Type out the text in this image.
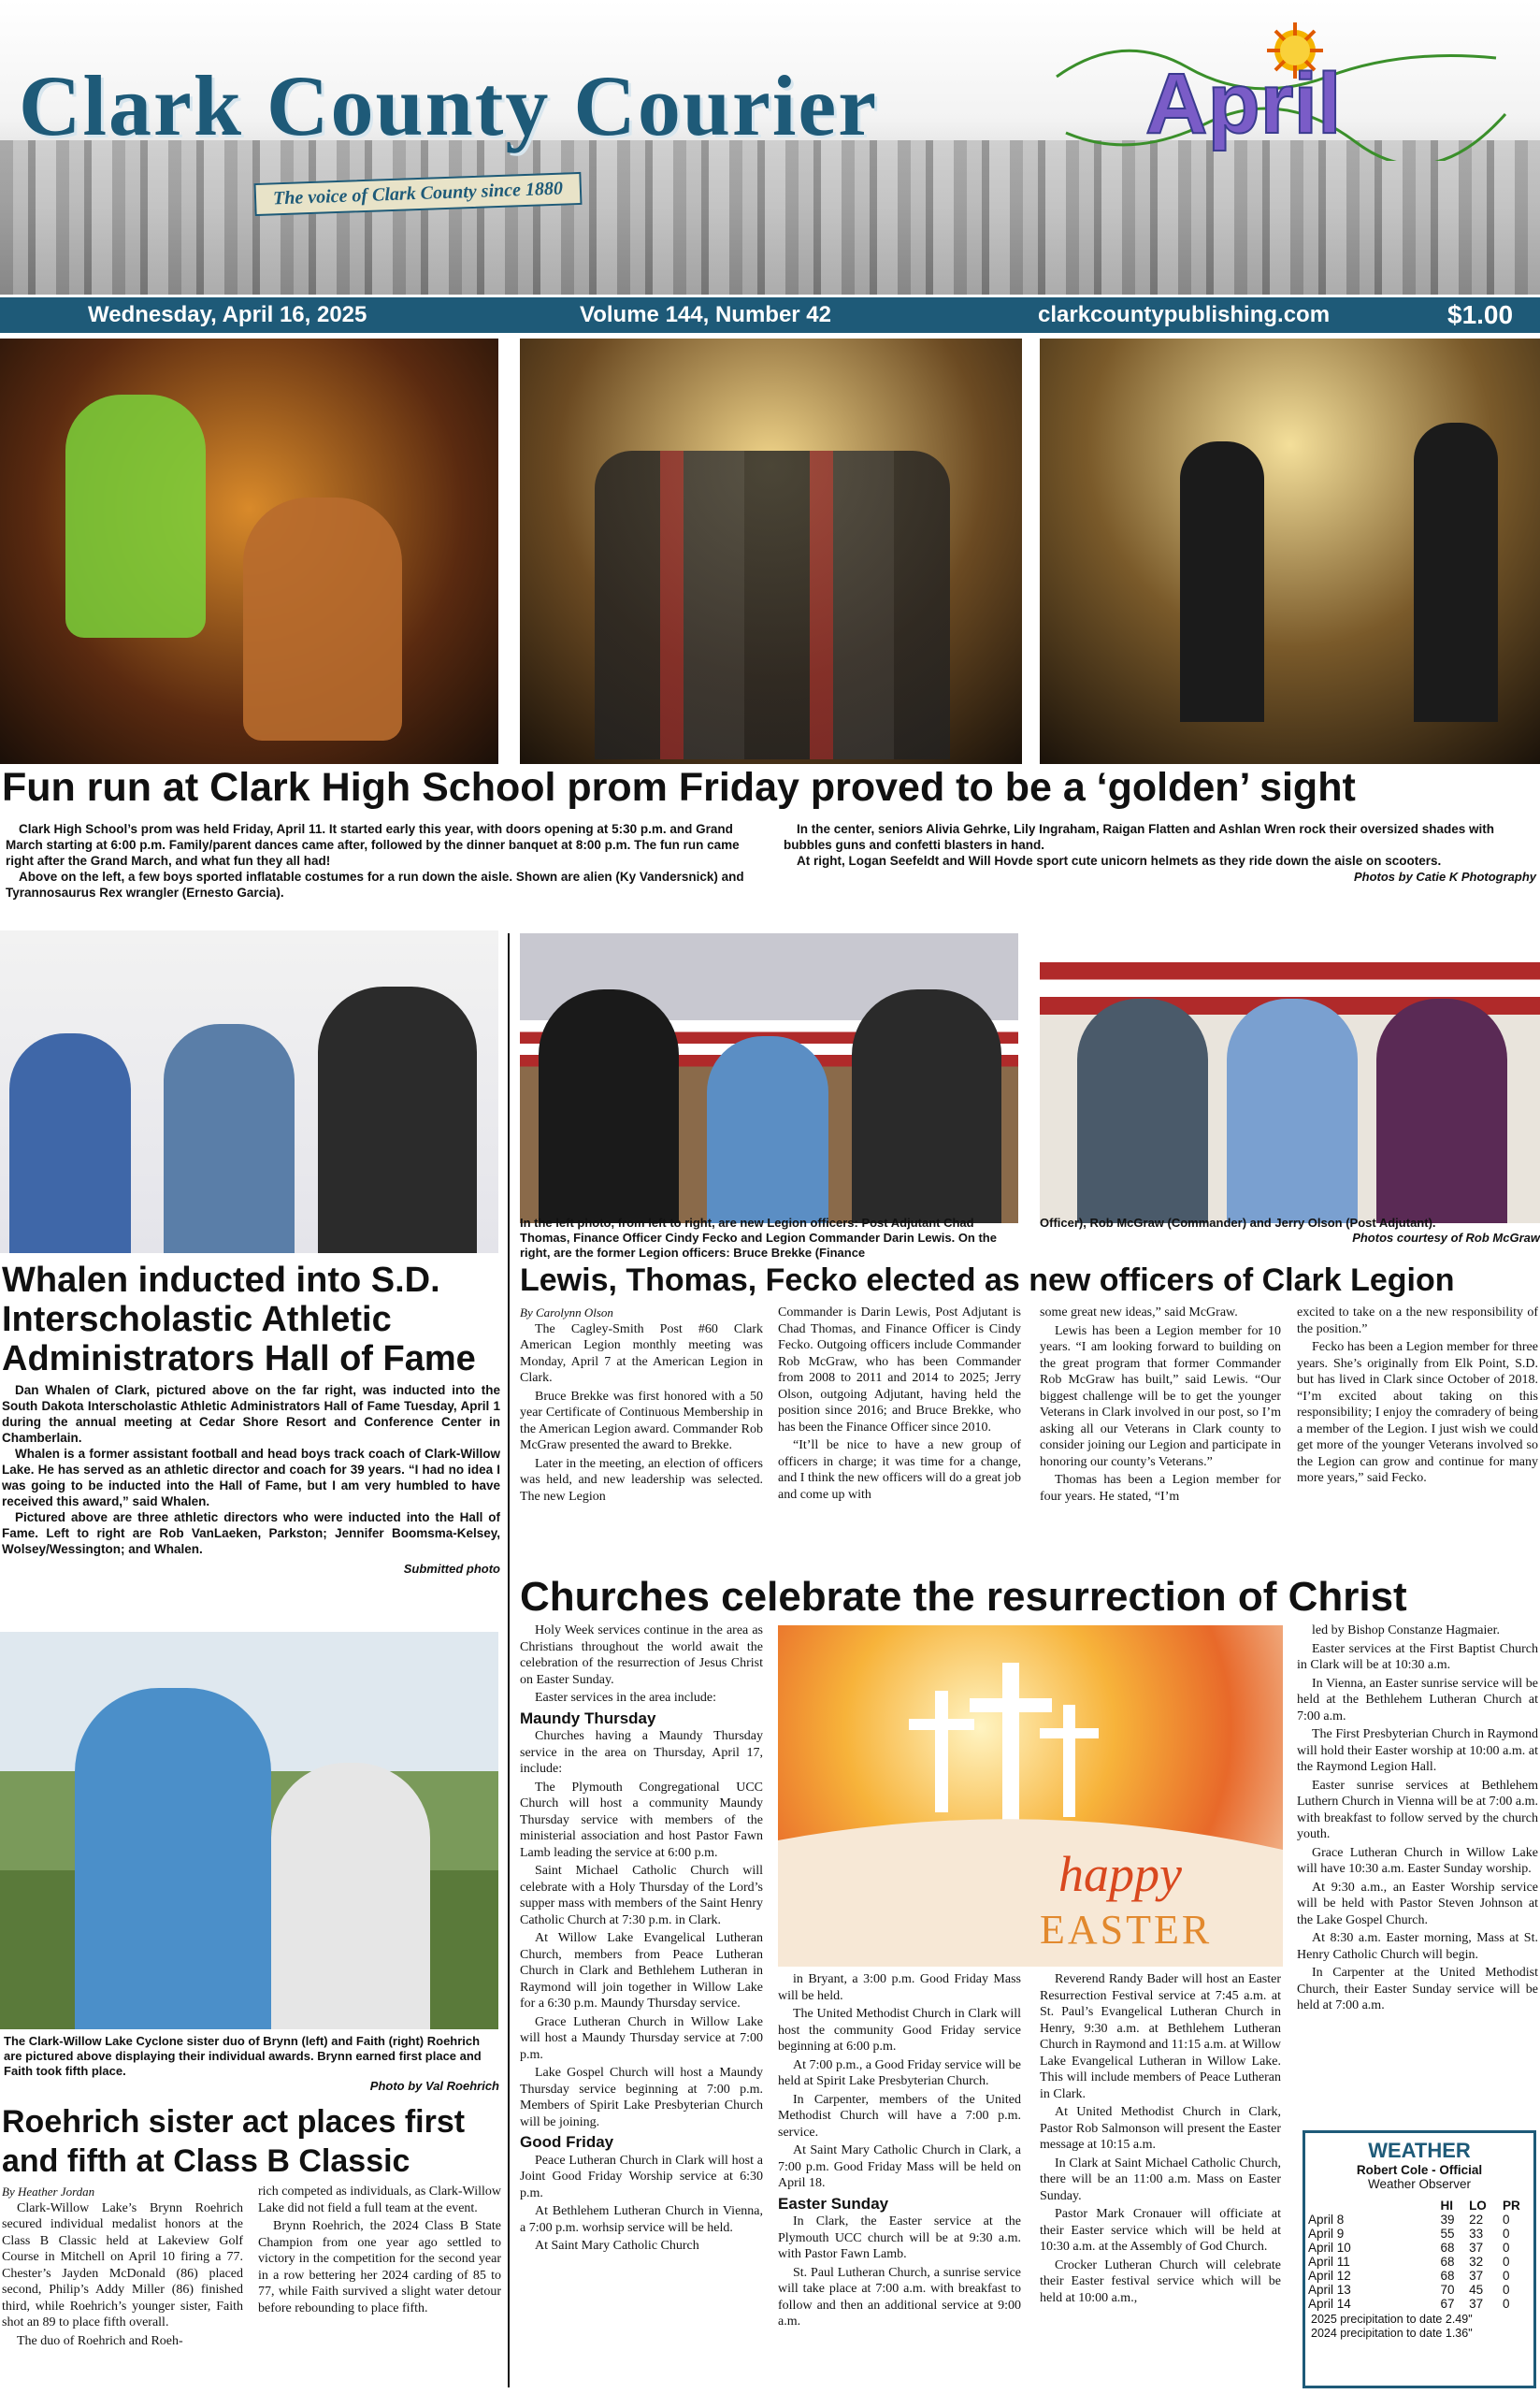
Clark County Courier
The voice of Clark County since 1880
April
Wednesday, April 16, 2025	Volume 144, Number 42	clarkcountypublishing.com	$1.00
Fun run at Clark High School prom Friday proved to be a ‘golden’ sight

Clark High School’s prom was held Friday, April 11. It started early this year, with doors opening at 5:30 p.m. and Grand March starting at 6:00 p.m. Family/parent dances came after, followed by the dinner banquet at 8:00 p.m. The fun run came right after the Grand March, and what fun they all had!

Above on the left, a few boys sported inflatable costumes for a run down the aisle. Shown are alien (Ky Vandersnick) and Tyrannosaurus Rex wrangler (Ernesto Garcia).

In the center, seniors Alivia Gehrke, Lily Ingraham, Raigan Flatten and Ashlan Wren rock their oversized shades with bubbles guns and confetti blasters in hand.

At right, Logan Seefeldt and Will Hovde sport cute unicorn helmets as they ride down the aisle on scooters.

Photos by Catie K Photography
Whalen inducted into S.D. Interscholastic Athletic Administrators Hall of Fame

Dan Whalen of Clark, pictured above on the far right, was inducted into the South Dakota Interscholastic Athletic Administrators Hall of Fame Tuesday, April 1 during the annual meeting at Cedar Shore Resort and Conference Center in Chamberlain.

Whalen is a former assistant football and head boys track coach of Clark-Willow Lake. He has served as an athletic director and coach for 39 years. “I had no idea I was going to be inducted into the Hall of Fame, but I am very humbled to have received this award,” said Whalen.

Pictured above are three athletic directors who were inducted into the Hall of Fame. Left to right are Rob VanLaeken, Parkston; Jennifer Boomsma-Kelsey, Wolsey/Wessington; and Whalen.

Submitted photo
In the left photo, from left to right, are new Legion officers: Post Adjutant Chad Thomas, Finance Officer Cindy Fecko and Legion Commander Darin Lewis. On the right, are the former Legion officers: Bruce Brekke (Finance
Officer), Rob McGraw (Commander) and Jerry Olson (Post Adjutant).
Photos courtesy of Rob McGraw
Lewis, Thomas, Fecko elected as new officers of Clark Legion
By Carolynn Olson

The Cagley-Smith Post #60 Clark American Legion monthly meeting was Monday, April 7 at the American Legion in Clark.

Bruce Brekke was first honored with a 50 year Certificate of Continuous Membership in the American Legion award. Commander Rob McGraw presented the award to Brekke.

Later in the meeting, an election of officers was held, and new leadership was selected. The new Legion

Commander is Darin Lewis, Post Adjutant is Chad Thomas, and Finance Officer is Cindy Fecko. Outgoing officers include Commander Rob McGraw, who has been Commander from 2008 to 2011 and 2014 to 2025; Jerry Olson, outgoing Adjutant, having held the position since 2016; and Bruce Brekke, who has been the Finance Officer since 2010.

“It’ll be nice to have a new group of officers in charge; it was time for a change, and I think the new officers will do a great job and come up with

some great new ideas,” said McGraw.

Lewis has been a Legion member for 10 years. “I am looking forward to building on the great program that former Commander Rob McGraw has built,” said Lewis. “Our biggest challenge will be to get the younger Veterans in Clark involved in our post, so I’m asking all our Veterans in Clark county to consider joining our Legion and participate in honoring our county’s Veterans.”

Thomas has been a Legion member for four years. He stated, “I’m

excited to take on a the new responsibility of the position.”

Fecko has been a Legion member for three years. She’s originally from Elk Point, S.D. but has lived in Clark since October of 2018. “I’m excited about taking on this responsibility; I enjoy the comradery of being a member of the Legion. I just wish we could get more of the younger Veterans involved so the Legion can grow and continue for many more years,” said Fecko.

The Clark-Willow Lake Cyclone sister duo of Brynn (left) and Faith (right) Roehrich are pictured above displaying their individual awards. Brynn earned first place and Faith took fifth place.
Photo by Val Roehrich
Roehrich sister act places first and fifth at Class B Classic
By Heather Jordan

Clark-Willow Lake’s Brynn Roehrich secured individual medalist honors at the Class B Classic held at Lakeview Golf Course in Mitchell on April 10 firing a 77. Chester’s Jayden McDonald (86) placed second, Philip’s Addy Miller (86) finished third, while Roehrich’s younger sister, Faith shot an 89 to place fifth overall.

The duo of Roehrich and Roeh-

rich competed as individuals, as Clark-Willow Lake did not field a full team at the event.

Brynn Roehrich, the 2024 Class B State Champion from one year ago settled to victory in the competition for the second year in a row bettering her 2024 carding of 85 to 77, while Faith survived a slight water detour before rebounding to place fifth.

Churches celebrate the resurrection of Christ

Holy Week services continue in the area as Christians throughout the world await the celebration of the resurrection of Jesus Christ on Easter Sunday.

Easter services in the area include:

Maundy Thursday

Churches having a Maundy Thursday service in the area on Thursday, April 17, include:

The Plymouth Congregational UCC Church will host a community Maundy Thursday service with members of the ministerial association and host Pastor Fawn Lamb leading the service at 6:00 p.m.

Saint Michael Catholic Church will celebrate with a Holy Thursday of the Lord’s supper mass with members of the Saint Henry Catholic Church at 7:30 p.m. in Clark.

At Willow Lake Evangelical Lutheran Church, members from Peace Lutheran Church in Clark and Bethlehem Lutheran in Raymond will join together in Willow Lake for a 6:30 p.m. Maundy Thursday service.

Grace Lutheran Church in Willow Lake will host a Maundy Thursday service at 7:00 p.m.

Lake Gospel Church will host a Maundy Thursday service beginning at 7:00 p.m. Members of Spirit Lake Presbyterian Church will be joining.

Good Friday

Peace Lutheran Church in Clark will host a Joint Good Friday Worship service at 6:30 p.m.

At Bethlehem Lutheran Church in Vienna, a 7:00 p.m. worhsip service will be held.

At Saint Mary Catholic Church

happy
EASTER

in Bryant, a 3:00 p.m. Good Friday Mass will be held.

The United Methodist Church in Clark will host the community Good Friday service beginning at 6:00 p.m.

At 7:00 p.m., a Good Friday service will be held at Spirit Lake Presbyterian Church.

In Carpenter, members of the United Methodist Church will have a 7:00 p.m. service.

At Saint Mary Catholic Church in Clark, a 7:00 p.m. Good Friday Mass will be held on April 18.

Easter Sunday

In Clark, the Easter service at the Plymouth UCC church will be at 9:30 a.m. with Pastor Fawn Lamb.

St. Paul Lutheran Church, a sunrise service will take place at 7:00 a.m. with breakfast to follow and then an additional service at 9:00 a.m.

Reverend Randy Bader will host an Easter Resurrection Festival service at 7:45 a.m. at St. Paul’s Evangelical Lutheran Church in Henry, 9:30 a.m. at Bethlehem Lutheran Church in Raymond and 11:15 a.m. at Willow Lake Evangelical Lutheran in Willow Lake. This will include members of Peace Lutheran in Clark.

At United Methodist Church in Clark, Pastor Rob Salmonson will present the Easter message at 10:15 a.m.

In Clark at Saint Michael Catholic Church, there will be an 11:00 a.m. Mass on Easter Sunday.

Pastor Mark Cronauer will officiate at their Easter service which will be held at 10:30 a.m. at the Assembly of God Church.

Crocker Lutheran Church will celebrate their Easter festival service which will be held at 10:00 a.m.,

led by Bishop Constanze Hagmaier.

Easter services at the First Baptist Church in Clark will be at 10:30 a.m.

In Vienna, an Easter sunrise service will be held at the Bethlehem Lutheran Church at 7:00 a.m.

The First Presbyterian Church in Raymond will hold their Easter worship at 10:00 a.m. at the Raymond Legion Hall.

Easter sunrise services at Bethlehem Luthern Church in Vienna will be at 7:00 a.m. with breakfast to follow served by the church youth.

Grace Lutheran Church in Willow Lake will have 10:30 a.m. Easter Sunday worship.

At 9:30 a.m., an Easter Worship service will be held with Pastor Steven Johnson at the Lake Gospel Church.

At 8:30 a.m. Easter morning, Mass at St. Henry Catholic Church will begin.

In Carpenter at the United Methodist Church, their Easter Sunday service will be held at 7:00 a.m.

WEATHER
Robert Cole - Official
Weather Observer
	HI	LO	PR
April 8	39	22	0
April 9	55	33	0
April 10	68	37	0
April 11	68	32	0
April 12	68	37	0
April 13	70	45	0
April 14	67	37	0
2025 precipitation to date 2.49"
2024 precipitation to date 1.36"
